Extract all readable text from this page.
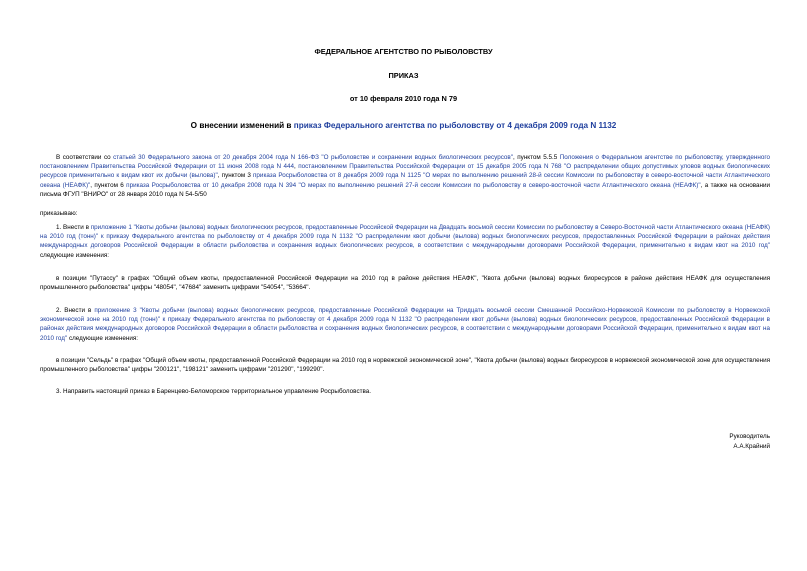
ФЕДЕРАЛЬНОЕ АГЕНТСТВО ПО РЫБОЛОВСТВУ
ПРИКАЗ
от 10 февраля 2010 года N 79
О внесении изменений в приказ Федерального агентства по рыболовству от 4 декабря 2009 года N 1132
В соответствии со статьей 30 Федерального закона от 20 декабря 2004 года N 166-ФЗ "О рыболовстве и сохранении водных биологических ресурсов", пунктом 5.5.5 Положения о Федеральном агентстве по рыболовству, утвержденного постановлением Правительства Российской Федерации от 11 июня 2008 года N 444, постановлением Правительства Российской Федерации от 15 декабря 2005 года N 768 "О распределении общих допустимых уловов водных биологических ресурсов применительно к видам квот их добычи (вылова)", пунктом 3 приказа Росрыболовства от 8 декабря 2009 года N 1125 "О мерах по выполнению решений 28-й сессии Комиссии по рыболовству в северо-восточной части Атлантического океана (НЕАФК)", пунктом 6 приказа Росрыболовства от 10 декабря 2008 года N 394 "О мерах по выполнению решений 27-й сессии Комиссии по рыболовству в северо-восточной части Атлантического океана (НЕАФК)", а также на основании письма ФГУП "ВНИРО" от 28 января 2010 года N 54-5/50
приказываю:
1. Внести в приложение 1 "Квоты добычи (вылова) водных биологических ресурсов, предоставленные Российской Федерации на Двадцать восьмой сессии Комиссии по рыболовству в Северо-Восточной части Атлантического океана (НЕАФК) на 2010 год (тонн)" к приказу Федерального агентства по рыболовству от 4 декабря 2009 года N 1132 "О распределении квот добычи (вылова) водных биологических ресурсов, предоставленных Российской Федерации в районах действия международных договоров Российской Федерации в области рыболовства и сохранения водных биологических ресурсов, в соответствии с международными договорами Российской Федерации, применительно к видам квот на 2010 год" следующие изменения:
в позиции "Путассу" в графах "Общий объем квоты, предоставленной Российской Федерации на 2010 год в районе действия НЕАФК", "Квота добычи (вылова) водных биоресурсов в районе действия НЕАФК для осуществления промышленного рыболовства" цифры "48054", "47684" заменить цифрами "54054", "53664".
2. Внести в приложение 3 "Квоты добычи (вылова) водных биологических ресурсов, предоставленные Российской Федерации на Тридцать восьмой сессии Смешанной Российско-Норвежской Комиссии по рыболовству в Норвежской экономической зоне на 2010 год (тонн)" к приказу Федерального агентства по рыболовству от 4 декабря 2009 года N 1132 "О распределении квот добычи (вылова) водных биологических ресурсов, предоставленных Российской Федерации в районах действия международных договоров Российской Федерации в области рыболовства и сохранения водных биологических ресурсов, в соответствии с международными договорами Российской Федерации, применительно к видам квот на 2010 год" следующие изменения:
в позиции "Сельдь" в графах "Общий объем квоты, предоставленной Российской Федерации на 2010 год в норвежской экономической зоне", "Квота добычи (вылова) водных биоресурсов в норвежской экономической зоне для осуществления промышленного рыболовства" цифры "200121", "198121" заменить цифрами "201290", "199290".
3. Направить настоящий приказ в Баренцево-Беломорское территориальное управление Росрыболовства.
Руководитель
А.А.Крайний
